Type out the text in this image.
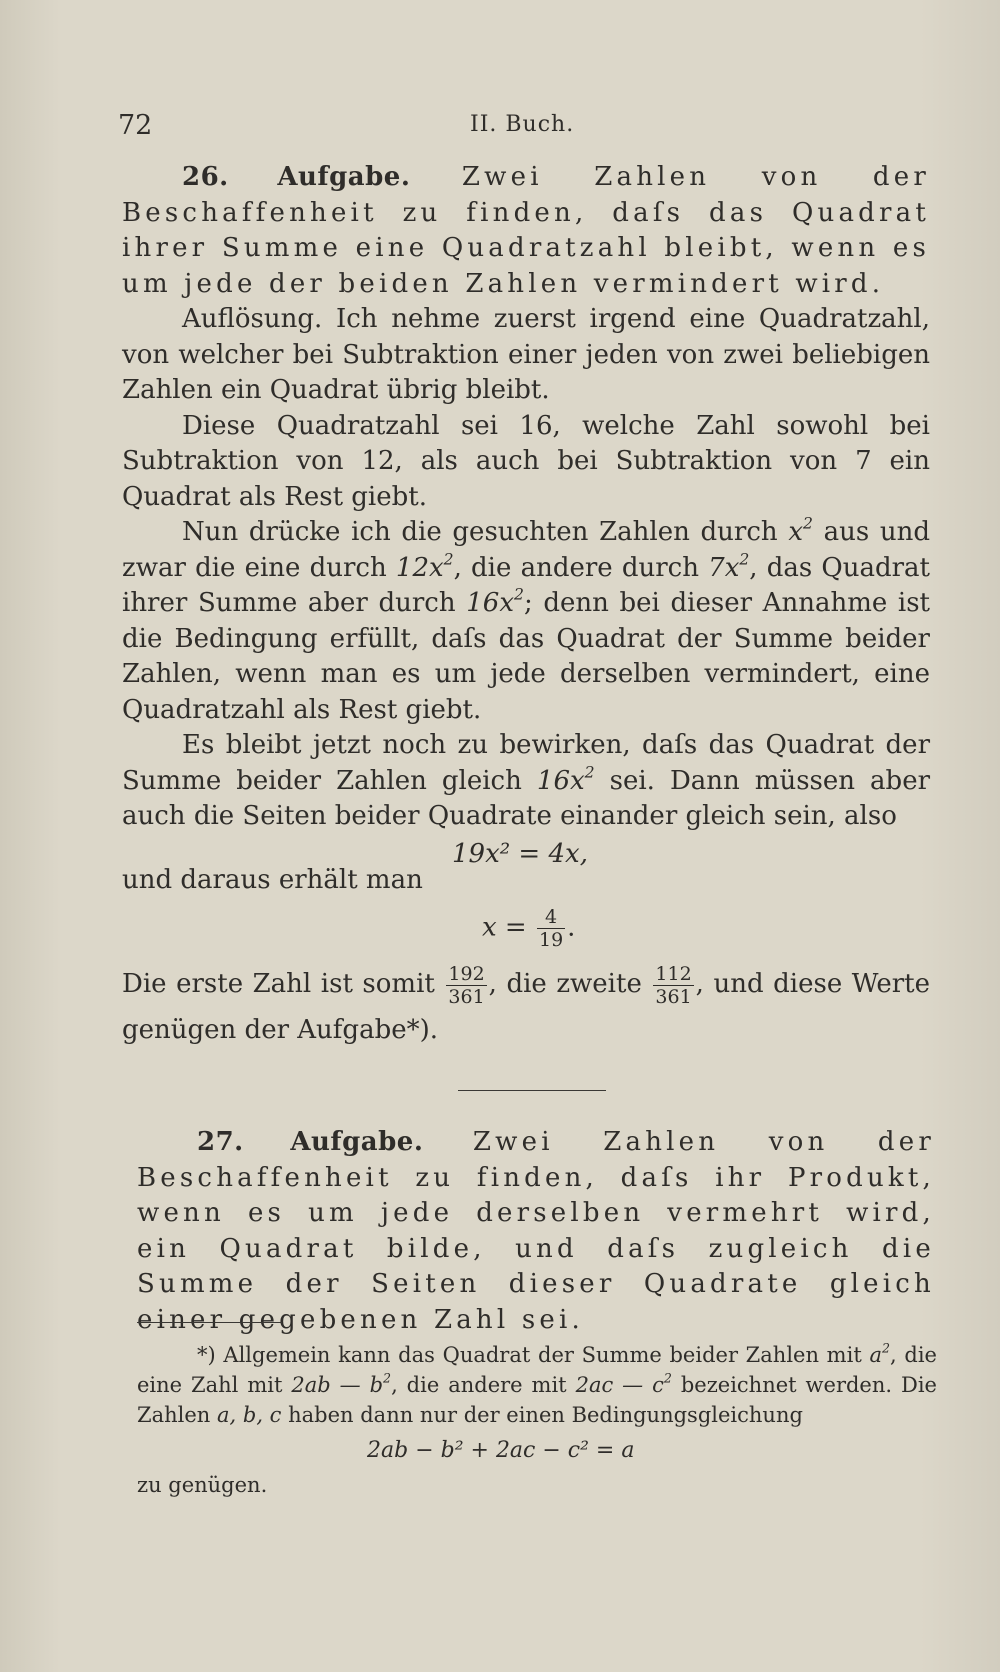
72	II. Buch.

26. Aufgabe. Zwei Zahlen von der Beschaffenheit zu finden, daſs das Quadrat ihrer Summe eine Quadratzahl bleibt, wenn es um jede der beiden Zahlen vermindert wird.

Auflösung. Ich nehme zuerst irgend eine Quadratzahl, von welcher bei Subtraktion einer jeden von zwei beliebigen Zahlen ein Quadrat übrig bleibt.

Diese Quadratzahl sei 16, welche Zahl sowohl bei Subtraktion von 12, als auch bei Subtraktion von 7 ein Quadrat als Rest giebt.

Nun drücke ich die gesuchten Zahlen durch $x^2$ aus und zwar die eine durch $12x^2$, die andere durch $7x^2$, das Quadrat ihrer Summe aber durch $16x^2$; denn bei dieser Annahme ist die Bedingung erfüllt, daſs das Quadrat der Summe beider Zahlen, wenn man es um jede derselben vermindert, eine Quadratzahl als Rest giebt.

Es bleibt jetzt noch zu bewirken, daſs das Quadrat der Summe beider Zahlen gleich $16x^2$ sei. Dann müssen aber auch die Seiten beider Quadrate einander gleich sein, also

19x² = 4x,

und daraus erhält man

$x = \frac{4}{19}$ .

Die erste Zahl ist somit $\frac{192}{361}$ , die zweite $\frac{112}{361}$ , und diese Werte genügen der Aufgabe*).

27. Aufgabe. Zwei Zahlen von der Beschaffenheit zu finden, daſs ihr Produkt, wenn es um jede derselben vermehrt wird, ein Quadrat bilde, und daſs zugleich die Summe der Seiten dieser Quadrate gleich einer gegebenen Zahl sei.

*) Allgemein kann das Quadrat der Summe beider Zahlen mit $a^2$, die eine Zahl mit 2ab — $b^2$, die andere mit 2ac — $c^2$ bezeichnet werden. Die Zahlen a, b, c haben dann nur der einen Bedingungsgleichung

2ab − b² + 2ac − c² = a

zu genügen.
